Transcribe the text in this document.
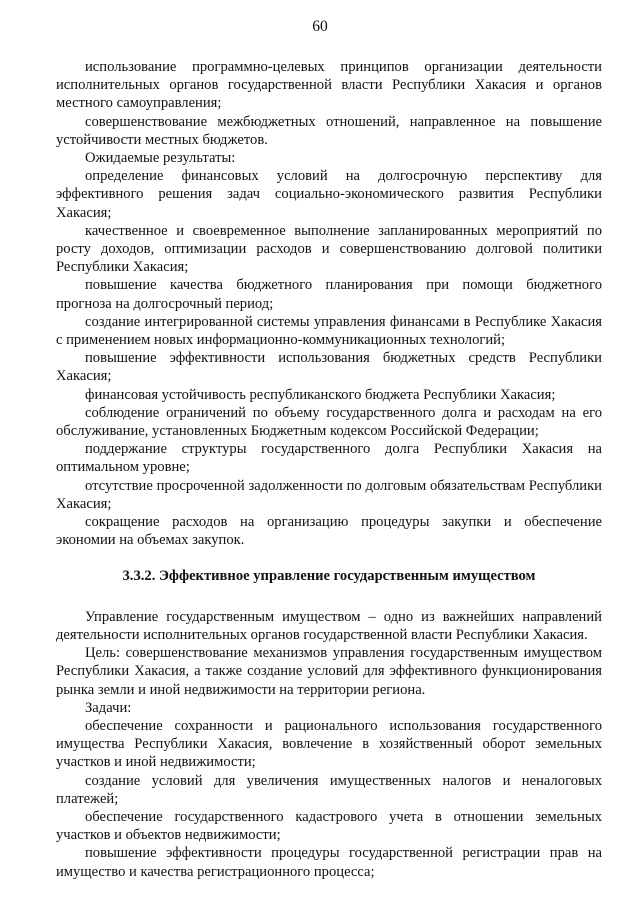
60

использование программно-целевых принципов организации деятельности исполнительных органов государственной власти Республики Хакасия и органов местного самоуправления;

совершенствование межбюджетных отношений, направленное на повышение устойчивости местных бюджетов.

Ожидаемые результаты:

определение финансовых условий на долгосрочную перспективу для эффективного решения задач социально-экономического развития Республики Хакасия;

качественное и своевременное выполнение запланированных мероприятий по росту доходов, оптимизации расходов и совершенствованию долговой политики Республики Хакасия;

повышение качества бюджетного планирования при помощи бюджетного прогноза на долгосрочный период;

создание интегрированной системы управления финансами в Республике Хакасия с применением новых информационно-коммуникационных технологий;

повышение эффективности использования бюджетных средств Республики Хакасия;

финансовая устойчивость республиканского бюджета Республики Хакасия;

соблюдение ограничений по объему государственного долга и расходам на его обслуживание, установленных Бюджетным кодексом Российской Федерации;

поддержание структуры государственного долга Республики Хакасия на оптимальном уровне;

отсутствие просроченной задолженности по долговым обязательствам Республики Хакасия;

сокращение расходов на организацию процедуры закупки и обеспечение экономии на объемах закупок.

3.3.2. Эффективное управление государственным имуществом

Управление государственным имуществом – одно из важнейших направлений деятельности исполнительных органов государственной власти Республики Хакасия.

Цель: совершенствование механизмов управления государственным имуществом Республики Хакасия, а также создание условий для эффективного функционирования рынка земли и иной недвижимости на территории региона.

Задачи:

обеспечение сохранности и рационального использования государственного имущества Республики Хакасия, вовлечение в хозяйственный оборот земельных участков и иной недвижимости;

создание условий для увеличения имущественных налогов и неналоговых платежей;

обеспечение государственного кадастрового учета в отношении земельных участков и объектов недвижимости;

повышение эффективности процедуры государственной регистрации прав на имущество и качества регистрационного процесса;
